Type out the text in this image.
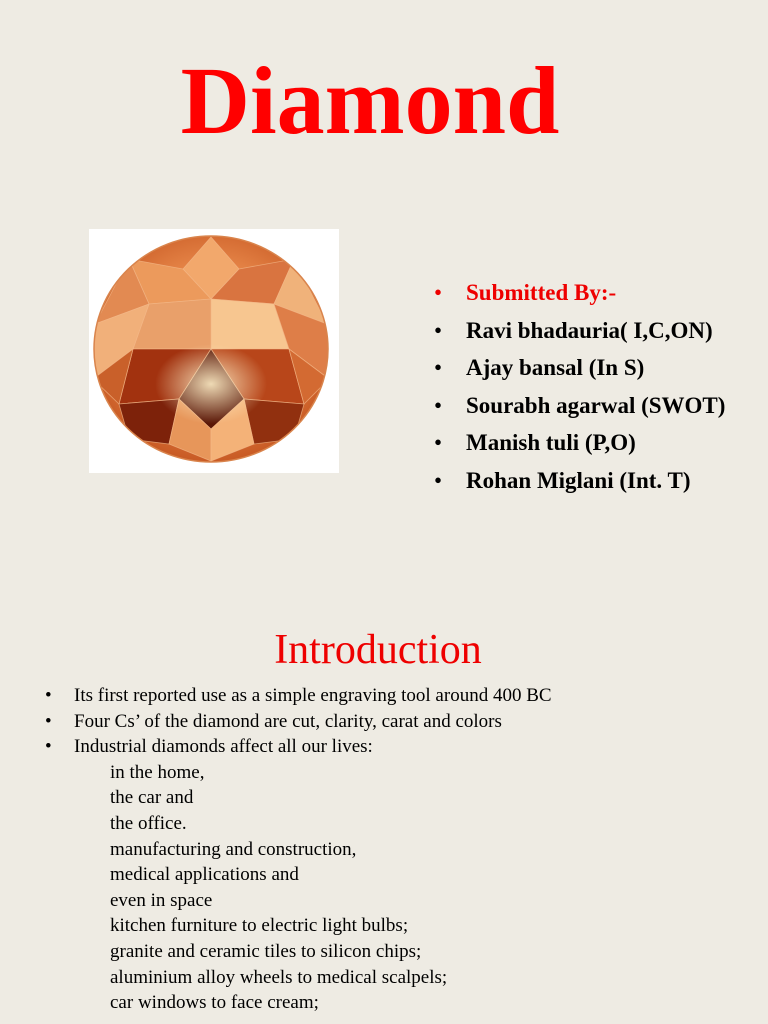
Diamond
• Submitted By:-
• Ravi bhadauria( I,C,ON)
• Ajay bansal (In S)
• Sourabh agarwal (SWOT)
• Manish tuli (P,O)
• Rohan Miglani (Int. T)
Introduction
• Its first reported use as a simple engraving tool around 400 BC
• Four Cs’ of the diamond are cut, clarity, carat and colors
• Industrial diamonds affect all our lives:
in the home,
the car and
the office.
manufacturing and construction,
medical applications and
even in space
kitchen furniture to electric light bulbs;
granite and ceramic tiles to silicon chips;
aluminium alloy wheels to medical scalpels;
car windows to face cream;
